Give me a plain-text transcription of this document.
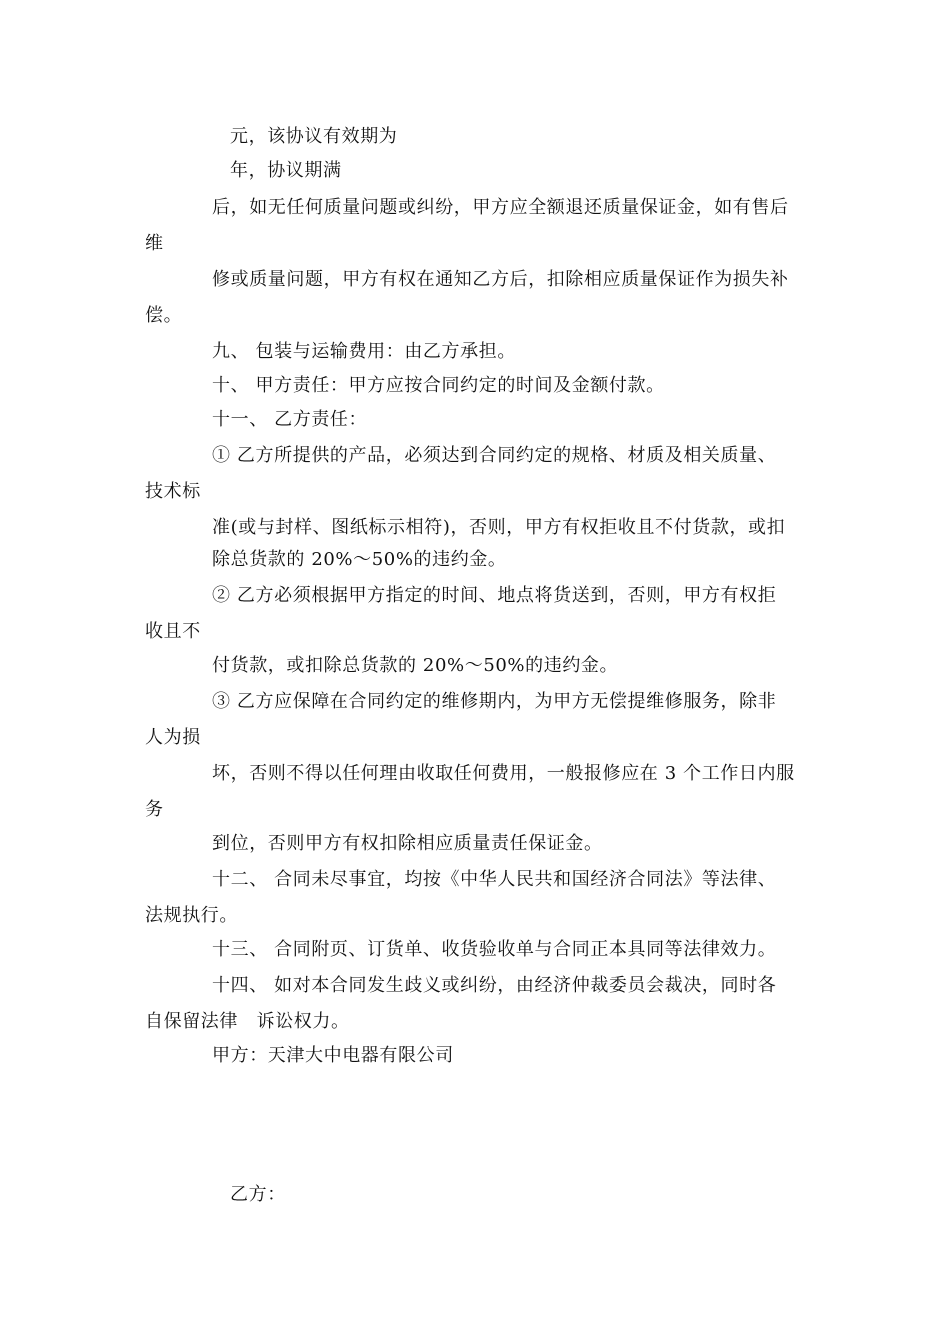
元，该协议有效期为
年，协议期满
后，如无任何质量问题或纠纷，甲方应全额退还质量保证金，如有售后
维
修或质量问题，甲方有权在通知乙方后，扣除相应质量保证作为损失补
偿。
九、 包装与运输费用：由乙方承担。
十、 甲方责任：甲方应按合同约定的时间及金额付款。
十一、 乙方责任：
① 乙方所提供的产品，必须达到合同约定的规格、材质及相关质量、
技术标
准(或与封样、图纸标示相符)，否则，甲方有权拒收且不付货款，或扣
除总货款的 20%～50%的违约金。
② 乙方必须根据甲方指定的时间、地点将货送到，否则，甲方有权拒
收且不
付货款，或扣除总货款的 20%～50%的违约金。
③ 乙方应保障在合同约定的维修期内，为甲方无偿提维修服务，除非
人为损
坏，否则不得以任何理由收取任何费用，一般报修应在 3 个工作日内服
务
到位，否则甲方有权扣除相应质量责任保证金。
十二、 合同未尽事宜，均按《中华人民共和国经济合同法》等法律、
法规执行。
十三、 合同附页、订货单、收货验收单与合同正本具同等法律效力。
十四、 如对本合同发生歧义或纠纷，由经济仲裁委员会裁决，同时各
自保留法律　诉讼权力。
甲方：天津大中电器有限公司
乙方：
